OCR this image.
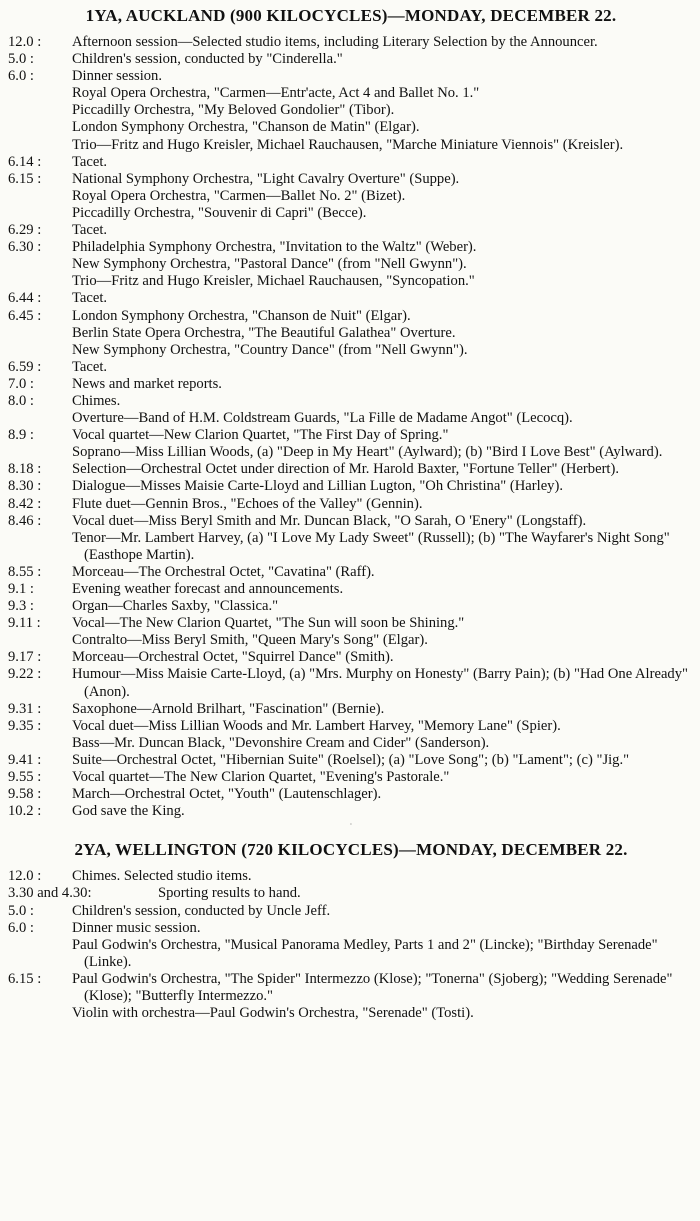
1YA, AUCKLAND (900 KILOCYCLES)—MONDAY, DECEMBER 22.
12.0 :	Afternoon session—Selected studio items, including Literary Selection by the Announcer.

5.0 :	Children's session, conducted by "Cinderella."

6.0 :	Dinner session.

Royal Opera Orchestra, "Carmen—Entr'acte, Act 4 and Ballet No. 1."

Piccadilly Orchestra, "My Beloved Gondolier" (Tibor).

London Symphony Orchestra, "Chanson de Matin" (Elgar).

Trio—Fritz and Hugo Kreisler, Michael Rauchausen, "Marche Miniature Viennois" (Kreisler).

6.14 :	Tacet.

6.15 :	National Symphony Orchestra, "Light Cavalry Overture" (Suppe).

Royal Opera Orchestra, "Carmen—Ballet No. 2" (Bizet).

Piccadilly Orchestra, "Souvenir di Capri" (Becce).

6.29 :	Tacet.

6.30 :	Philadelphia Symphony Orchestra, "Invitation to the Waltz" (Weber).

New Symphony Orchestra, "Pastoral Dance" (from "Nell Gwynn").

Trio—Fritz and Hugo Kreisler, Michael Rauchausen, "Syncopation."

6.44 :	Tacet.

6.45 :	London Symphony Orchestra, "Chanson de Nuit" (Elgar).

Berlin State Opera Orchestra, "The Beautiful Galathea" Overture.

New Symphony Orchestra, "Country Dance" (from "Nell Gwynn").

6.59 :	Tacet.

7.0 :	News and market reports.

8.0 :	Chimes.

Overture—Band of H.M. Coldstream Guards, "La Fille de Madame Angot" (Lecocq).

8.9 :	Vocal quartet—New Clarion Quartet, "The First Day of Spring."

Soprano—Miss Lillian Woods, (a) "Deep in My Heart" (Aylward); (b) "Bird I Love Best" (Aylward).

8.18 :	Selection—Orchestral Octet under direction of Mr. Harold Baxter, "Fortune Teller" (Herbert).

8.30 :	Dialogue—Misses Maisie Carte-Lloyd and Lillian Lugton, "Oh Christina" (Harley).

8.42 :	Flute duet—Gennin Bros., "Echoes of the Valley" (Gennin).

8.46 :	Vocal duet—Miss Beryl Smith and Mr. Duncan Black, "O Sarah, O 'Enery" (Longstaff).

Tenor—Mr. Lambert Harvey, (a) "I Love My Lady Sweet" (Russell); (b) "The Wayfarer's Night Song" (Easthope Martin).

8.55 :	Morceau—The Orchestral Octet, "Cavatina" (Raff).

9.1 :	Evening weather forecast and announcements.

9.3 :	Organ—Charles Saxby, "Classica."

9.11 :	Vocal—The New Clarion Quartet, "The Sun will soon be Shining."

Contralto—Miss Beryl Smith, "Queen Mary's Song" (Elgar).

9.17 :	Morceau—Orchestral Octet, "Squirrel Dance" (Smith).

9.22 :	Humour—Miss Maisie Carte-Lloyd, (a) "Mrs. Murphy on Honesty" (Barry Pain); (b) "Had One Already" (Anon).

9.31 :	Saxophone—Arnold Brilhart, "Fascination" (Bernie).

9.35 :	Vocal duet—Miss Lillian Woods and Mr. Lambert Harvey, "Memory Lane" (Spier).

Bass—Mr. Duncan Black, "Devonshire Cream and Cider" (Sanderson).

9.41 :	Suite—Orchestral Octet, "Hibernian Suite" (Roelsel); (a) "Love Song"; (b) "Lament"; (c) "Jig."

9.55 :	Vocal quartet—The New Clarion Quartet, "Evening's Pastorale."

9.58 :	March—Orchestral Octet, "Youth" (Lautenschlager).

10.2 :	God save the King.

·
2YA, WELLINGTON (720 KILOCYCLES)—MONDAY, DECEMBER 22.
12.0 :	Chimes. Selected studio items.

3.30 and 4.30:	Sporting results to hand.

5.0 :	Children's session, conducted by Uncle Jeff.

6.0 :	Dinner music session.

Paul Godwin's Orchestra, "Musical Panorama Medley, Parts 1 and 2" (Lincke); "Birthday Serenade" (Linke).

6.15 :	Paul Godwin's Orchestra, "The Spider" Intermezzo (Klose); "Tonerna" (Sjoberg); "Wedding Serenade" (Klose); "Butterfly Intermezzo."

Violin with orchestra—Paul Godwin's Orchestra, "Serenade" (Tosti).
